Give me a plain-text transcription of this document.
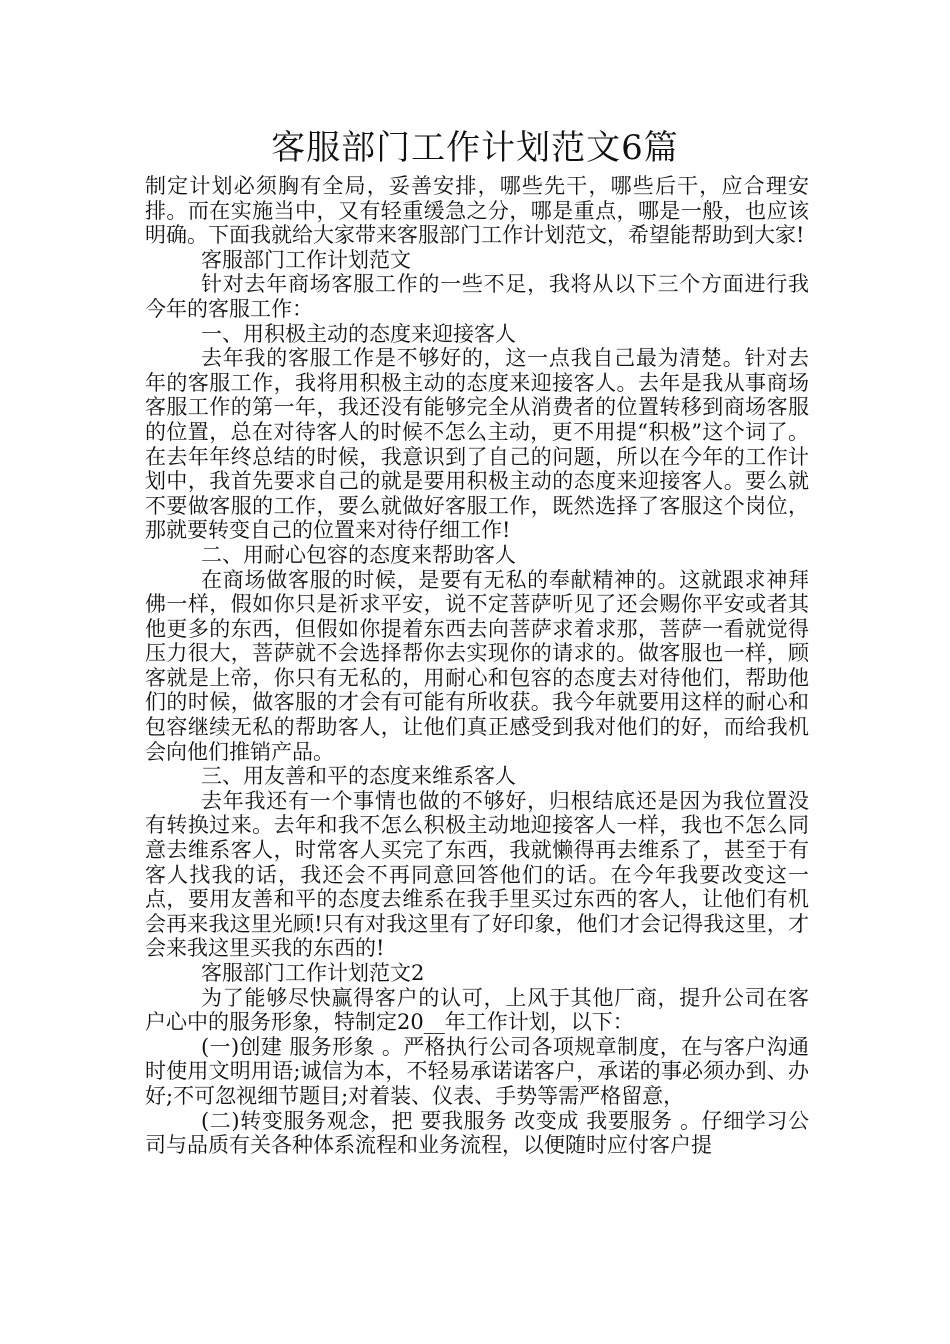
客服部门工作计划范文6篇

制定计划必须胸有全局，妥善安排，哪些先干，哪些后干，应合理安排。而在实施当中，又有轻重缓急之分，哪是重点，哪是一般，也应该明确。下面我就给大家带来客服部门工作计划范文，希望能帮助到大家!

客服部门工作计划范文

针对去年商场客服工作的一些不足，我将从以下三个方面进行我今年的客服工作：

一、用积极主动的态度来迎接客人

去年我的客服工作是不够好的，这一点我自己最为清楚。针对去年的客服工作，我将用积极主动的态度来迎接客人。去年是我从事商场客服工作的第一年，我还没有能够完全从消费者的位置转移到商场客服的位置，总在对待客人的时候不怎么主动，更不用提“积极”这个词了。在去年年终总结的时候，我意识到了自己的问题，所以在今年的工作计划中，我首先要求自己的就是要用积极主动的态度来迎接客人。要么就不要做客服的工作，要么就做好客服工作，既然选择了客服这个岗位，那就要转变自己的位置来对待仔细工作!

二、用耐心包容的态度来帮助客人

在商场做客服的时候，是要有无私的奉献精神的。这就跟求神拜佛一样，假如你只是祈求平安，说不定菩萨听见了还会赐你平安或者其他更多的东西，但假如你提着东西去向菩萨求着求那，菩萨一看就觉得压力很大，菩萨就不会选择帮你去实现你的请求的。做客服也一样，顾客就是上帝，你只有无私的，用耐心和包容的态度去对待他们，帮助他们的时候，做客服的才会有可能有所收获。我今年就要用这样的耐心和包容继续无私的帮助客人，让他们真正感受到我对他们的好，而给我机会向他们推销产品。

三、用友善和平的态度来维系客人

去年我还有一个事情也做的不够好，归根结底还是因为我位置没有转换过来。去年和我不怎么积极主动地迎接客人一样，我也不怎么同意去维系客人，时常客人买完了东西，我就懒得再去维系了，甚至于有客人找我的话，我还会不再同意回答他们的话。在今年我要改变这一点，要用友善和平的态度去维系在我手里买过东西的客人，让他们有机会再来我这里光顾!只有对我这里有了好印象，他们才会记得我这里，才会来我这里买我的东西的!

客服部门工作计划范文2

为了能够尽快赢得客户的认可，上风于其他厂商，提升公司在客户心中的服务形象，特制定20__年工作计划，以下：

(一)创建 服务形象 。严格执行公司各项规章制度，在与客户沟通时使用文明用语;诚信为本，不轻易承诺诺客户，承诺的事必须办到、办好;不可忽视细节题目;对着装、仪表、手势等需严格留意，

(二)转变服务观念，把 要我服务 改变成 我要服务 。仔细学习公司与品质有关各种体系流程和业务流程，以便随时应付客户提
